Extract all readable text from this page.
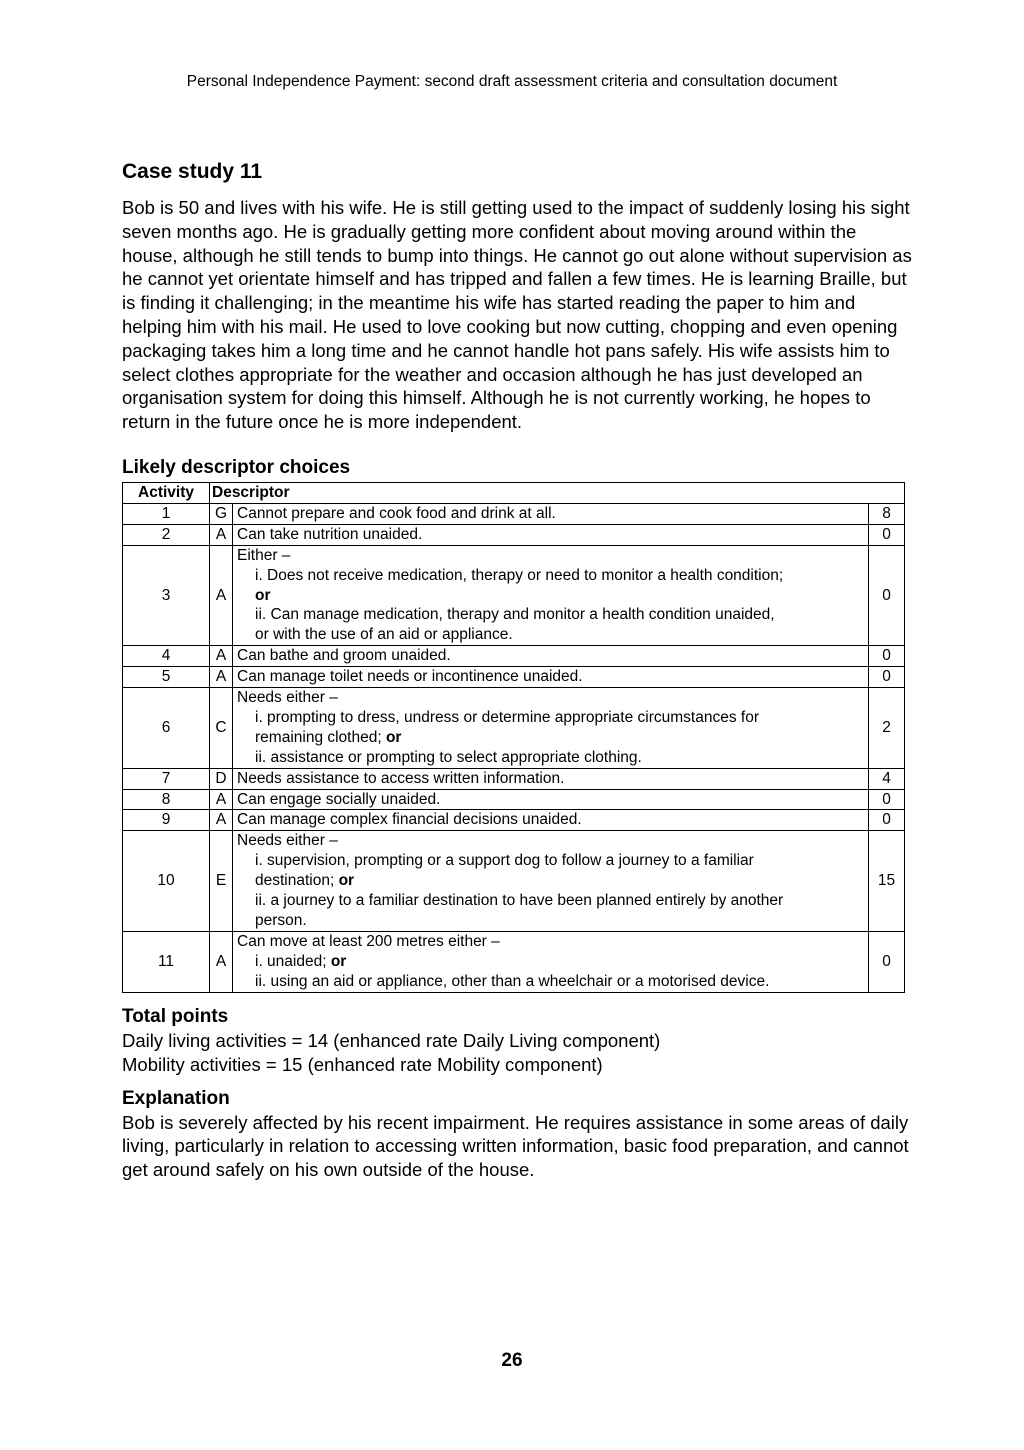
Personal Independence Payment: second draft assessment criteria and consultation document
Case study 11

Bob is 50 and lives with his wife. He is still getting used to the impact of suddenly losing his sight seven months ago. He is gradually getting more confident about moving around within the house, although he still tends to bump into things. He cannot go out alone without supervision as he cannot yet orientate himself and has tripped and fallen a few times. He is learning Braille, but is finding it challenging; in the meantime his wife has started reading the paper to him and helping him with his mail. He used to love cooking but now cutting, chopping and even opening packaging takes him a long time and he cannot handle hot pans safely. His wife assists him to select clothes appropriate for the weather and occasion although he has just developed an organisation system for doing this himself. Although he is not currently working, he hopes to return in the future once he is more independent.

Likely descriptor choices
Activity	Descriptor		
1	G	Cannot prepare and cook food and drink at all.	8
2	A	Can take nutrition unaided.	0
3	A	Either –
i. Does not receive medication, therapy or need to monitor a health condition;
or
ii. Can manage medication, therapy and monitor a health condition unaided,
or with the use of an aid or appliance.	0
4	A	Can bathe and groom unaided.	0
5	A	Can manage toilet needs or incontinence unaided.	0
6	C	Needs either –
i. prompting to dress, undress or determine appropriate circumstances for
remaining clothed; or
ii. assistance or prompting to select appropriate clothing.	2
7	D	Needs assistance to access written information.	4
8	A	Can engage socially unaided.	0
9	A	Can manage complex financial decisions unaided.	0
10	E	Needs either –
i. supervision, prompting or a support dog to follow a journey to a familiar
destination; or
ii. a journey to a familiar destination to have been planned entirely by another
person.	15
11	A	Can move at least 200 metres either –
i. unaided; or
ii. using an aid or appliance, other than a wheelchair or a motorised device.	0
Total points
Daily living activities = 14 (enhanced rate Daily Living component)
Mobility activities = 15 (enhanced rate Mobility component)
Explanation

Bob is severely affected by his recent impairment. He requires assistance in some areas of daily living, particularly in relation to accessing written information, basic food preparation, and cannot get around safely on his own outside of the house.

26
